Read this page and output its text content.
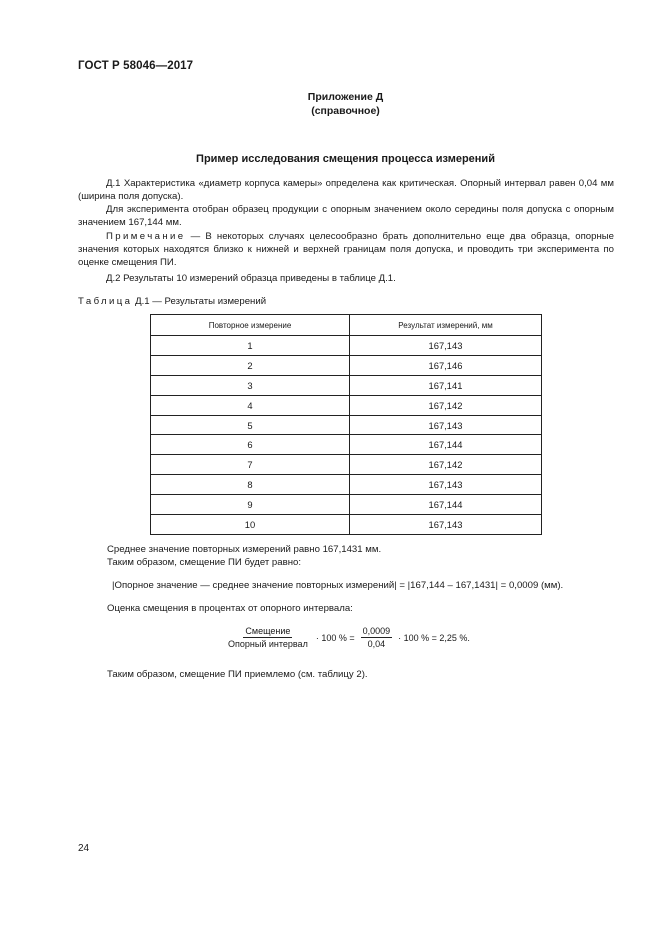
ГОСТ Р 58046—2017
Приложение Д
(справочное)
Пример исследования смещения процесса измерений
Д.1 Характеристика «диаметр корпуса камеры» определена как критическая. Опорный интервал равен 0,04 мм (ширина поля допуска).
Для эксперимента отобран образец продукции с опорным значением около середины поля допуска с опорным значением 167,144 мм.
Примечание — В некоторых случаях целесообразно брать дополнительно еще два образца, опорные значения которых находятся близко к нижней и верхней границам поля допуска, и проводить три эксперимента по оценке смещения ПИ.
Д.2 Результаты 10 измерений образца приведены в таблице Д.1.
Таблица Д.1 — Результаты измерений
Повторное измерение	Результат измерений, мм
1	167,143
2	167,146
3	167,141
4	167,142
5	167,143
6	167,144
7	167,142
8	167,143
9	167,144
10	167,143
Среднее значение повторных измерений равно 167,1431 мм.
Таким образом, смещение ПИ будет равно:
|Опорное значение — среднее значение повторных измерений| = |167,144 – 167,1431| = 0,0009 (мм).
Оценка смещения в процентах от опорного интервала:
$\frac{\text{Смещение}}{\text{Опорный интервал}} \cdot 100$ % = $\frac{0,0009}{0,04} \cdot 100$ % = 2,25 %.
Таким образом, смещение ПИ приемлемо (см. таблицу 2).
24
